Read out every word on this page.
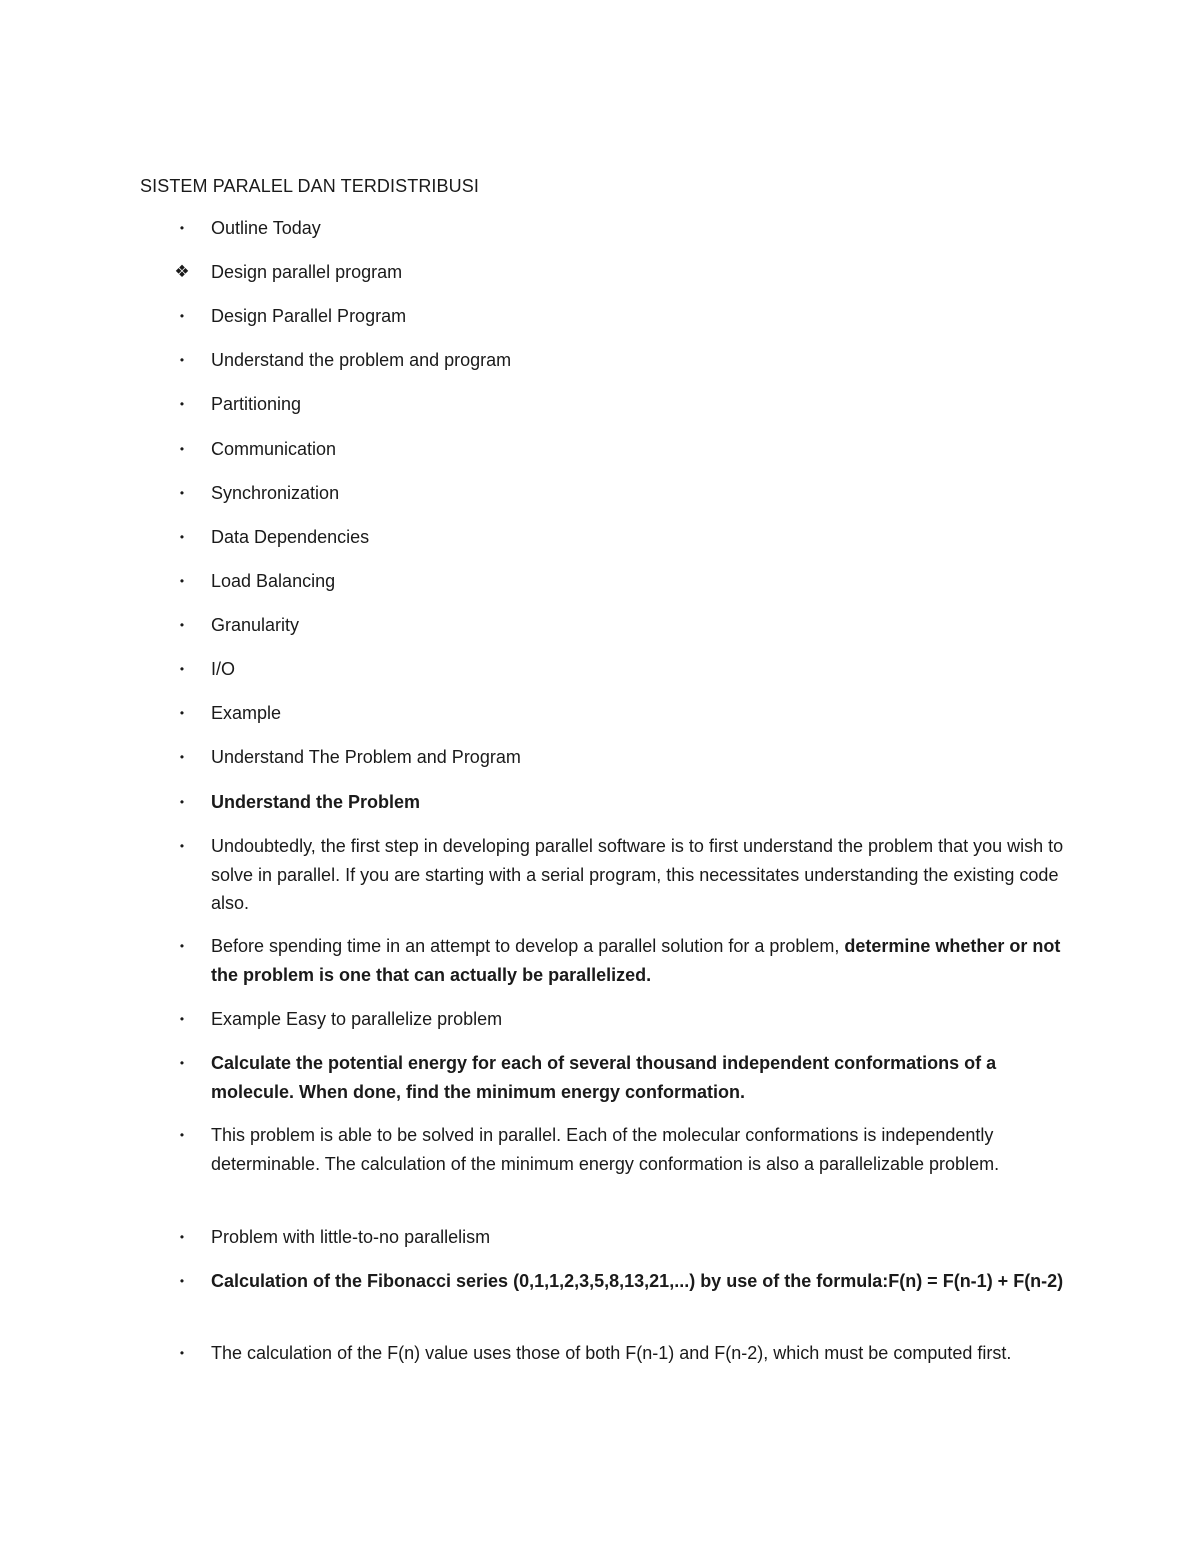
SISTEM PARALEL DAN TERDISTRIBUSI
•	Outline Today
❖ Design parallel program
•	Design Parallel Program
•	Understand the problem and program
•	Partitioning
•	Communication
•	Synchronization
•	Data Dependencies
•	Load Balancing
•	Granularity
•	I/O
•	Example
•	Understand The Problem and Program
•	Understand the Problem
•	Undoubtedly, the first step in developing parallel software is to first understand the problem that you wish to solve in parallel. If you are starting with a serial program, this necessitates understanding the existing code also.
•	Before spending time in an attempt to develop a parallel solution for a problem, determine whether or not the problem is one that can actually be parallelized.
•	Example Easy to parallelize problem
•	Calculate the potential energy for each of several thousand independent conformations of a molecule. When done, find the minimum energy conformation.
•	This problem is able to be solved in parallel. Each of the molecular conformations is independently determinable. The calculation of the minimum energy conformation is also a parallelizable problem.
•	Problem with little-to-no parallelism
•	Calculation of the Fibonacci series (0,1,1,2,3,5,8,13,21,...) by use of the formula:F(n) = F(n-1) + F(n-2)
•	The calculation of the F(n) value uses those of both F(n-1) and F(n-2), which must be computed first.
